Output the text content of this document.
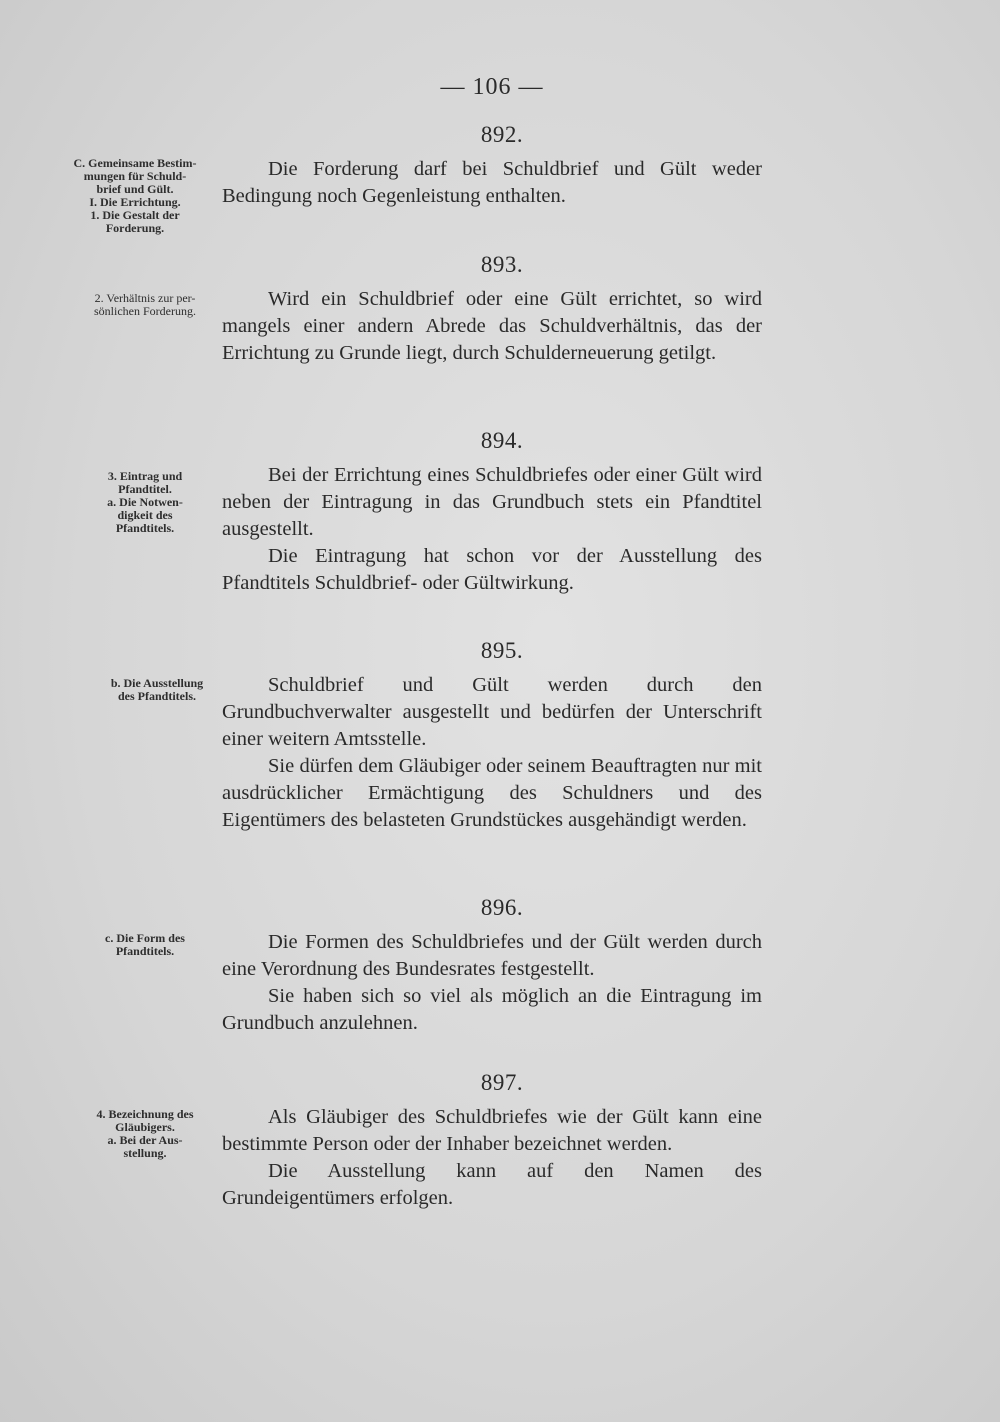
— 106 —
C. Gemeinsame Bestim-
mungen für Schuld-
brief und Gült.
I. Die Errichtung.
1. Die Gestalt der
Forderung.
2. Verhältnis zur per-
sönlichen Forderung.
3. Eintrag und
Pfandtitel.
a. Die Notwen-
digkeit des
Pfandtitels.
b. Die Ausstellung
des Pfandtitels.
c. Die Form des
Pfandtitels.
4. Bezeichnung des
Gläubigers.
a. Bei der Aus-
stellung.
892.

Die Forderung darf bei Schuldbrief und Gült weder Bedingung noch Gegenleistung enthalten.

893.

Wird ein Schuldbrief oder eine Gült errichtet, so wird mangels einer andern Abrede das Schuldverhältnis, das der Errichtung zu Grunde liegt, durch Schulderneuerung getilgt.

894.

Bei der Errichtung eines Schuldbriefes oder einer Gült wird neben der Eintragung in das Grundbuch stets ein Pfandtitel ausgestellt.

Die Eintragung hat schon vor der Ausstellung des Pfandtitels Schuldbrief- oder Gültwirkung.

895.

Schuldbrief und Gült werden durch den Grundbuchverwalter ausgestellt und bedürfen der Unterschrift einer weitern Amtsstelle.

Sie dürfen dem Gläubiger oder seinem Beauftragten nur mit ausdrücklicher Ermächtigung des Schuldners und des Eigentümers des belasteten Grundstückes ausgehändigt werden.

896.

Die Formen des Schuldbriefes und der Gült werden durch eine Verordnung des Bundesrates festgestellt.

Sie haben sich so viel als möglich an die Eintragung im Grundbuch anzulehnen.

897.

Als Gläubiger des Schuldbriefes wie der Gült kann eine bestimmte Person oder der Inhaber bezeichnet werden.

Die Ausstellung kann auf den Namen des Grundeigentümers erfolgen.
